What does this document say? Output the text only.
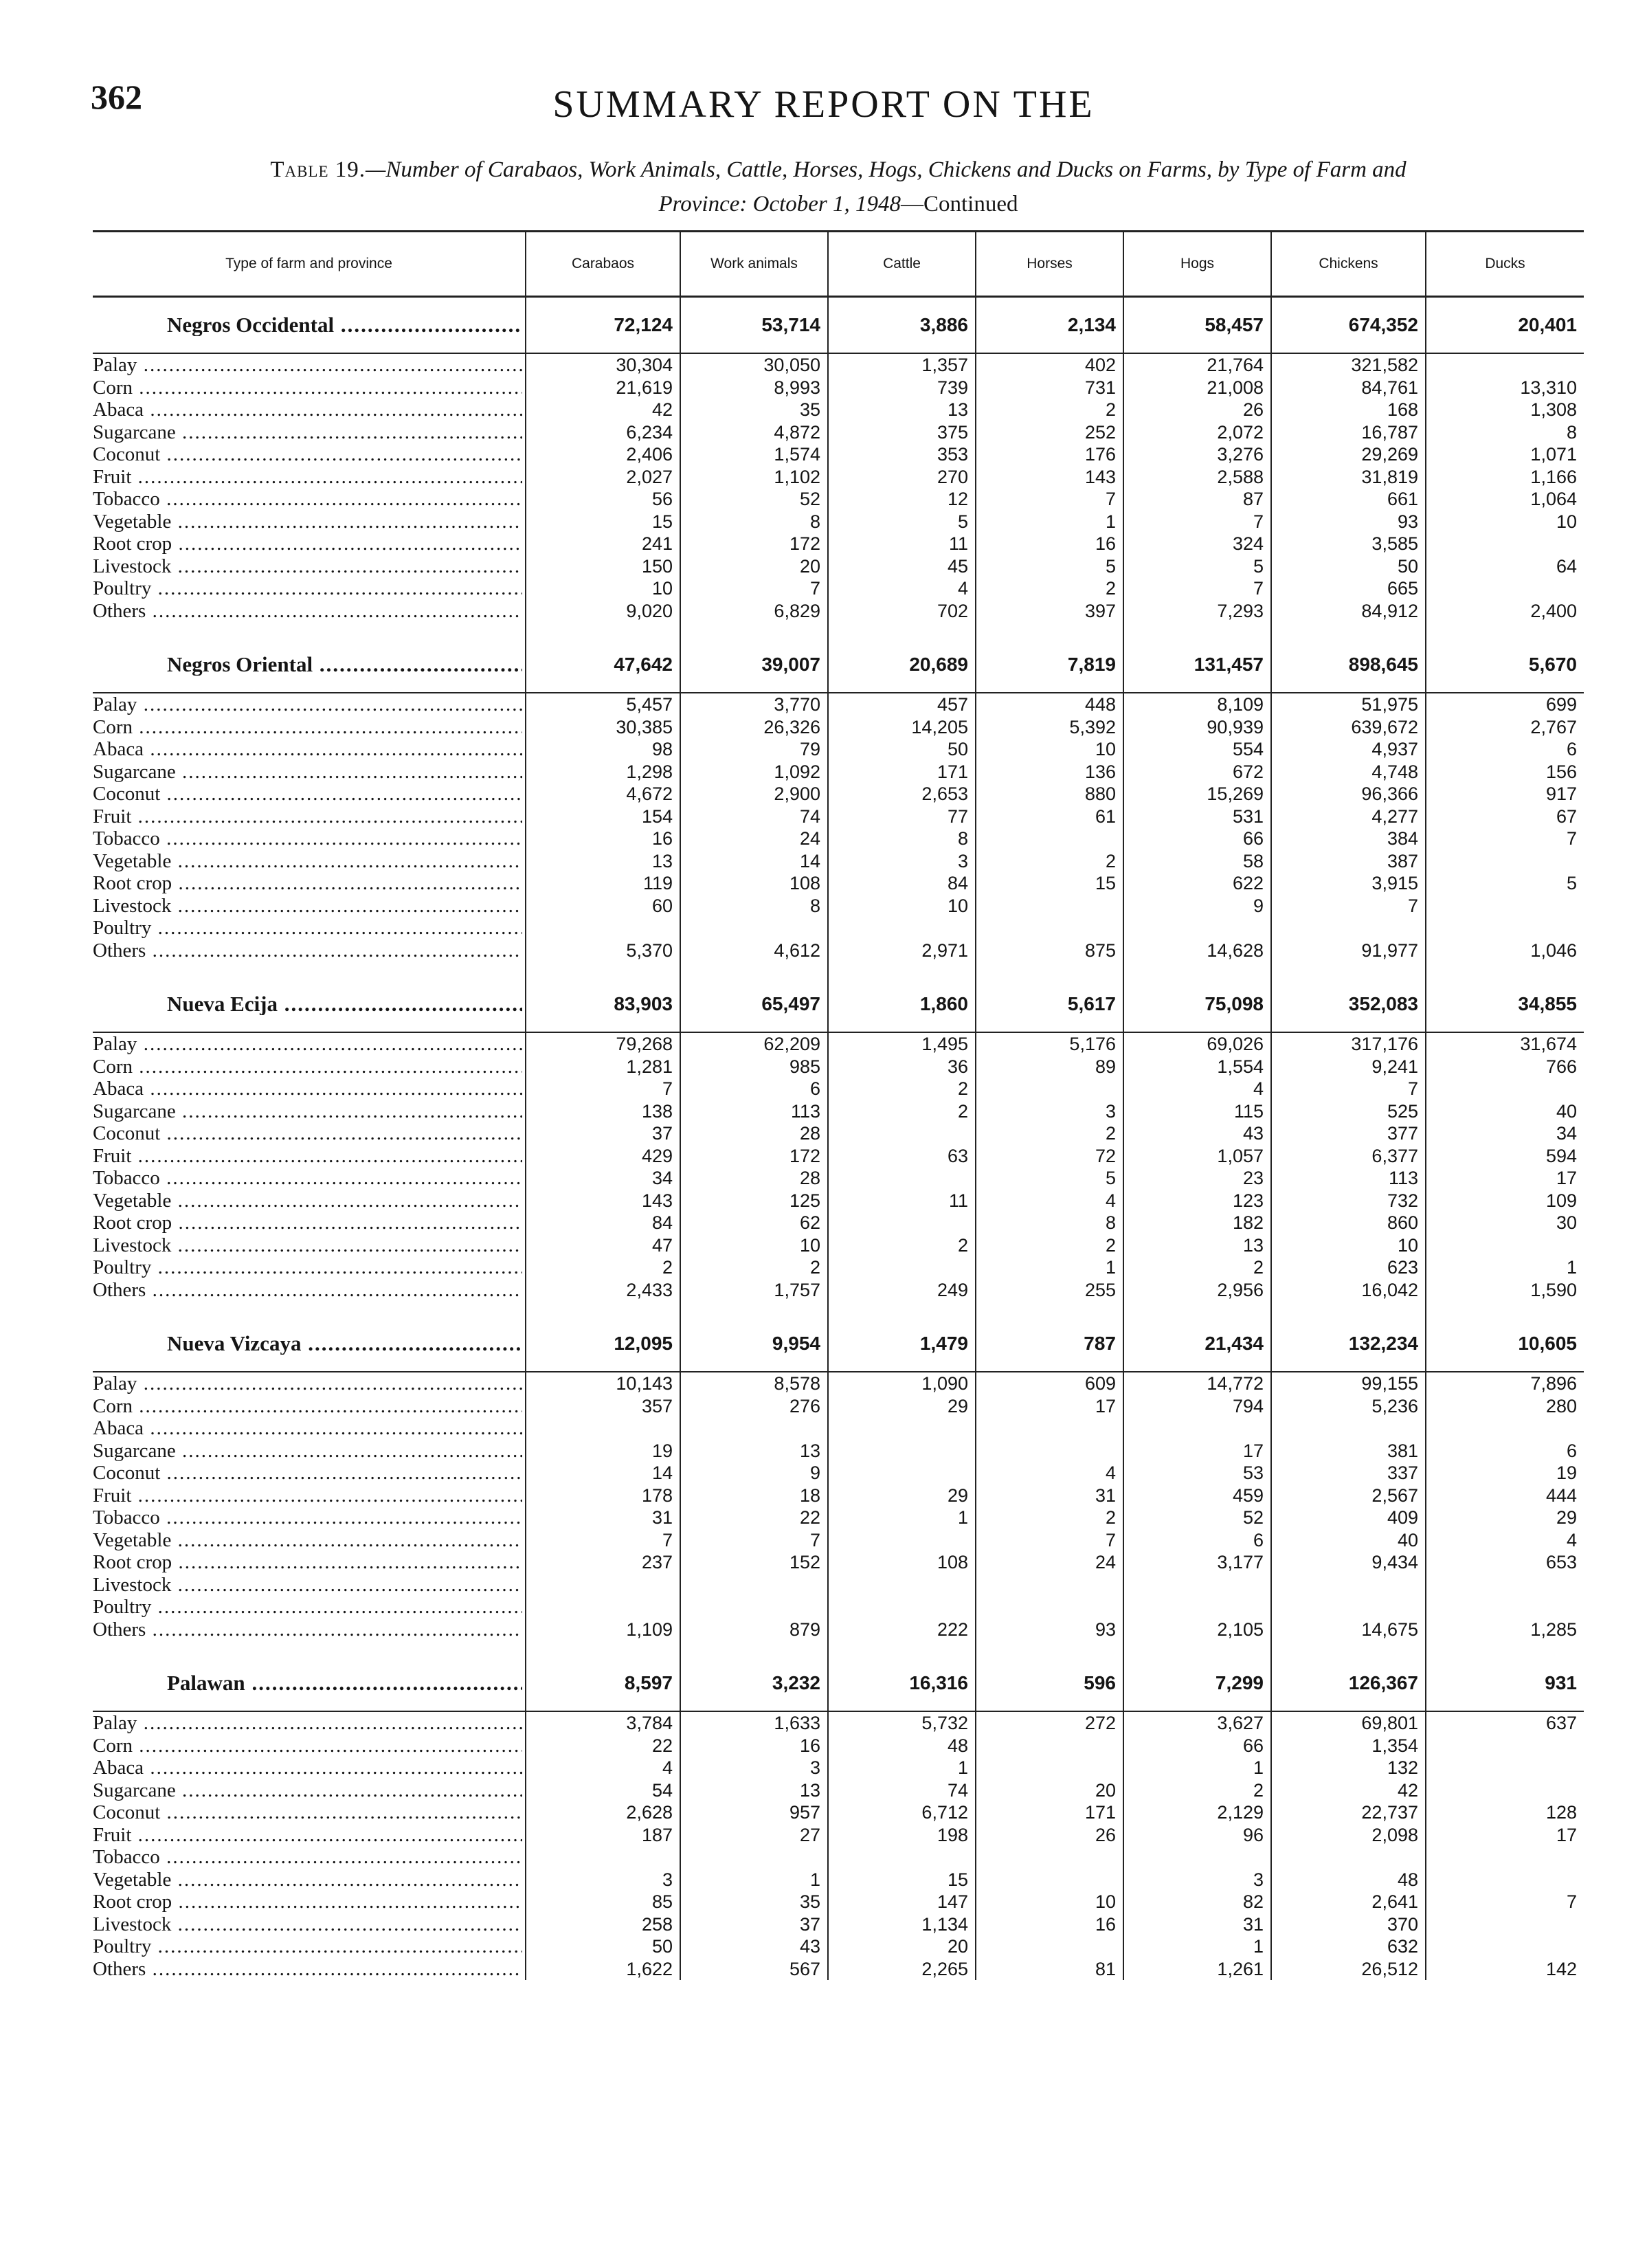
362	SUMMARY REPORT ON THE
Table 19.—Number of Carabaos, Work Animals, Cattle, Horses, Hogs, Chickens and Ducks on Farms, by Type of Farm and
Province: October 1, 1948—Continued
Type of farm and province	Carabaos	Work animals	Cattle	Horses	Hogs	Chickens	Ducks

Negros Occidental .....	72,124	53,714	3,886	2,134	58,457	674,352	20,401

Palay .....	30,304	30,050	1,357	402	21,764	321,582	

Corn .....	21,619	8,993	739	731	21,008	84,761	13,310

Abaca .....	42	35	13	2	26	168	1,308

Sugarcane .....	6,234	4,872	375	252	2,072	16,787	8

Coconut .....	2,406	1,574	353	176	3,276	29,269	1,071

Fruit .....	2,027	1,102	270	143	2,588	31,819	1,166

Tobacco .....	56	52	12	7	87	661	1,064

Vegetable .....	15	8	5	1	7	93	10

Root crop .....	241	172	11	16	324	3,585	

Livestock .....	150	20	45	5	5	50	64

Poultry .....	10	7	4	2	7	665	

Others .....	9,020	6,829	702	397	7,293	84,912	2,400

Negros Oriental .....	47,642	39,007	20,689	7,819	131,457	898,645	5,670

Palay .....	5,457	3,770	457	448	8,109	51,975	699

Corn .....	30,385	26,326	14,205	5,392	90,939	639,672	2,767

Abaca .....	98	79	50	10	554	4,937	6

Sugarcane .....	1,298	1,092	171	136	672	4,748	156

Coconut .....	4,672	2,900	2,653	880	15,269	96,366	917

Fruit .....	154	74	77	61	531	4,277	67

Tobacco .....	16	24	8		66	384	7

Vegetable .....	13	14	3	2	58	387	

Root crop .....	119	108	84	15	622	3,915	5

Livestock .....	60	8	10		9	7	

Poultry .....

Others .....	5,370	4,612	2,971	875	14,628	91,977	1,046

Nueva Ecija .....	83,903	65,497	1,860	5,617	75,098	352,083	34,855

Palay .....	79,268	62,209	1,495	5,176	69,026	317,176	31,674

Corn .....	1,281	985	36	89	1,554	9,241	766

Abaca .....	7	6	2		4	7	

Sugarcane .....	138	113	2	3	115	525	40

Coconut .....	37	28		2	43	377	34

Fruit .....	429	172	63	72	1,057	6,377	594

Tobacco .....	34	28		5	23	113	17

Vegetable .....	143	125	11	4	123	732	109

Root crop .....	84	62		8	182	860	30

Livestock .....	47	10	2	2	13	10	

Poultry .....	2	2		1	2	623	1

Others .....	2,433	1,757	249	255	2,956	16,042	1,590

Nueva Vizcaya .....	12,095	9,954	1,479	787	21,434	132,234	10,605

Palay .....	10,143	8,578	1,090	609	14,772	99,155	7,896

Corn .....	357	276	29	17	794	5,236	280

Abaca .....

Sugarcane .....	19	13			17	381	6

Coconut .....	14	9		4	53	337	19

Fruit .....	178	18	29	31	459	2,567	444

Tobacco .....	31	22	1	2	52	409	29

Vegetable .....	7	7		7	6	40	4

Root crop .....	237	152	108	24	3,177	9,434	653

Livestock .....

Poultry .....

Others .....	1,109	879	222	93	2,105	14,675	1,285

Palawan .....	8,597	3,232	16,316	596	7,299	126,367	931

Palay .....	3,784	1,633	5,732	272	3,627	69,801	637

Corn .....	22	16	48		66	1,354	

Abaca .....	4	3	1		1	132	

Sugarcane .....	54	13	74	20	2	42	

Coconut .....	2,628	957	6,712	171	2,129	22,737	128

Fruit .....	187	27	198	26	96	2,098	17

Tobacco .....

Vegetable .....	3	1	15		3	48	

Root crop .....	85	35	147	10	82	2,641	7

Livestock .....	258	37	1,134	16	31	370	

Poultry .....	50	43	20		1	632	

Others .....	1,622	567	2,265	81	1,261	26,512	142
